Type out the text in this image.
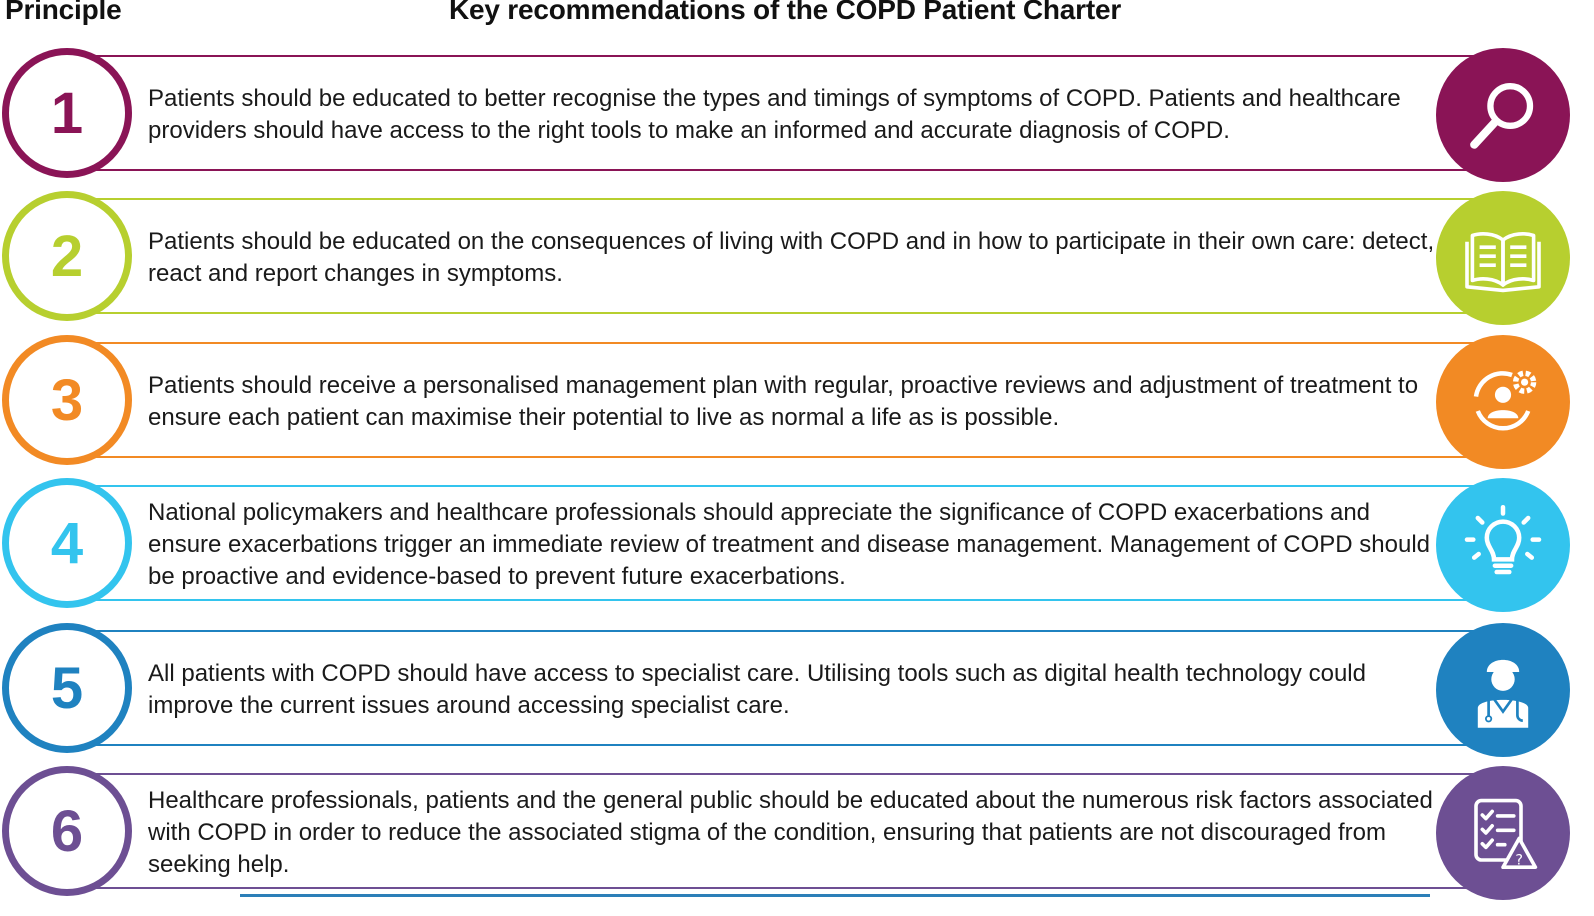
Principle	Key recommendations of the COPD Patient Charter
1	Patients should be educated to better recognise the types and timings of symptoms of COPD. Patients and healthcare providers should have access to the right tools to make an informed and accurate diagnosis of COPD.
2	Patients should be educated on the consequences of living with COPD and in how to participate in their own care: detect, react and report changes in symptoms.
3	Patients should receive a personalised management plan with regular, proactive reviews and adjustment of treatment to ensure each patient can maximise their potential to live as normal a life as is possible.
4	National policymakers and healthcare professionals should appreciate the significance of COPD exacerbations and ensure exacerbations trigger an immediate review of treatment and disease management. Management of COPD should be proactive and evidence-based to prevent future exacerbations.
5	All patients with COPD should have access to specialist care. Utilising tools such as digital health technology could improve the current issues around accessing specialist care.
6	Healthcare professionals, patients and the general public should be educated about the numerous risk factors associated with COPD in order to reduce the associated stigma of the condition, ensuring that patients are not discouraged from seeking help.	?
